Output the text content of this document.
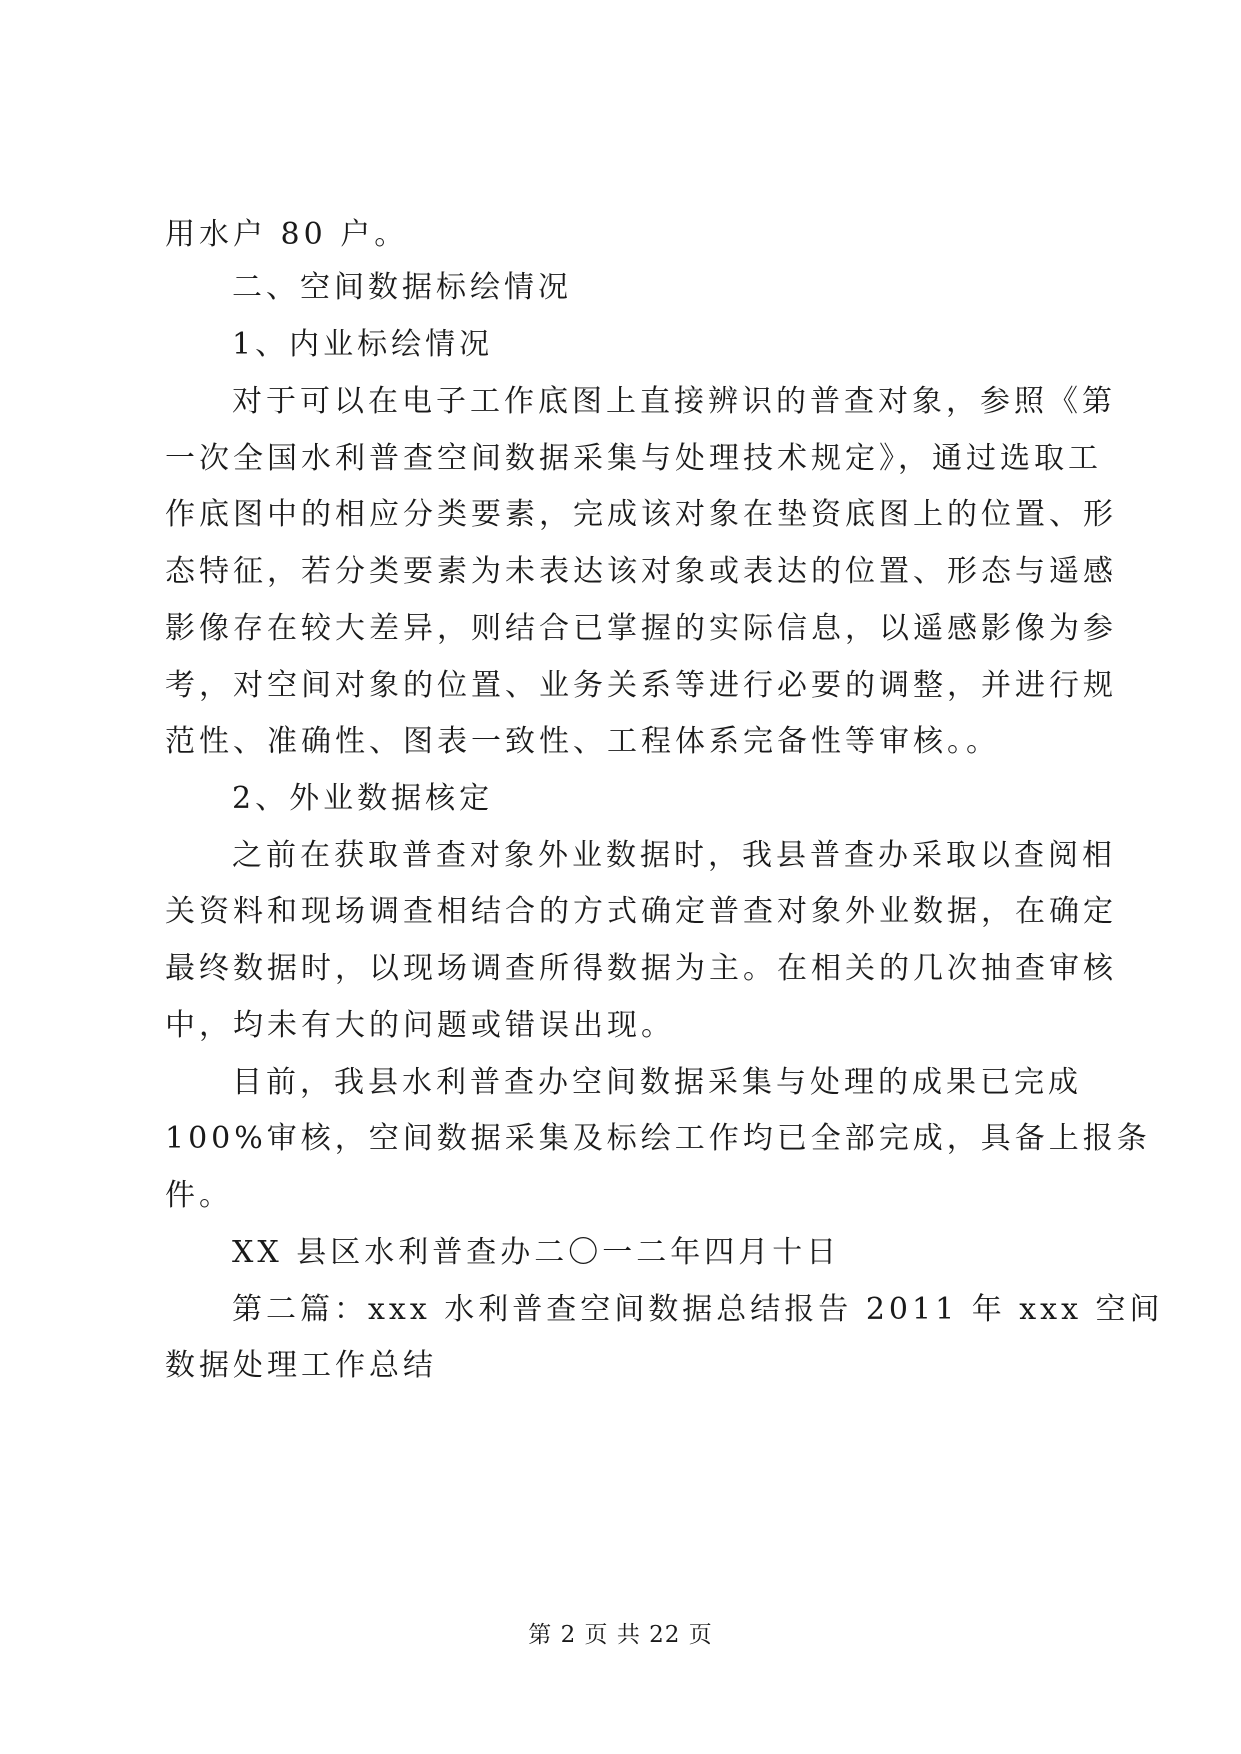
用水户 80 户。
二、空间数据标绘情况
1、内业标绘情况
对于可以在电子工作底图上直接辨识的普查对象，参照《第
一次全国水利普查空间数据采集与处理技术规定》，通过选取工
作底图中的相应分类要素，完成该对象在垫资底图上的位置、形
态特征，若分类要素为未表达该对象或表达的位置、形态与遥感
影像存在较大差异，则结合已掌握的实际信息，以遥感影像为参
考，对空间对象的位置、业务关系等进行必要的调整，并进行规
范性、准确性、图表一致性、工程体系完备性等审核。。
2、外业数据核定
之前在获取普查对象外业数据时，我县普查办采取以查阅相
关资料和现场调查相结合的方式确定普查对象外业数据，在确定
最终数据时，以现场调查所得数据为主。在相关的几次抽查审核
中，均未有大的问题或错误出现。
目前，我县水利普查办空间数据采集与处理的成果已完成
100%审核，空间数据采集及标绘工作均已全部完成，具备上报条
件。
XX 县区水利普查办二〇一二年四月十日
第二篇：xxx 水利普查空间数据总结报告 2011 年 xxx 空间
数据处理工作总结
第 2 页 共 22 页
